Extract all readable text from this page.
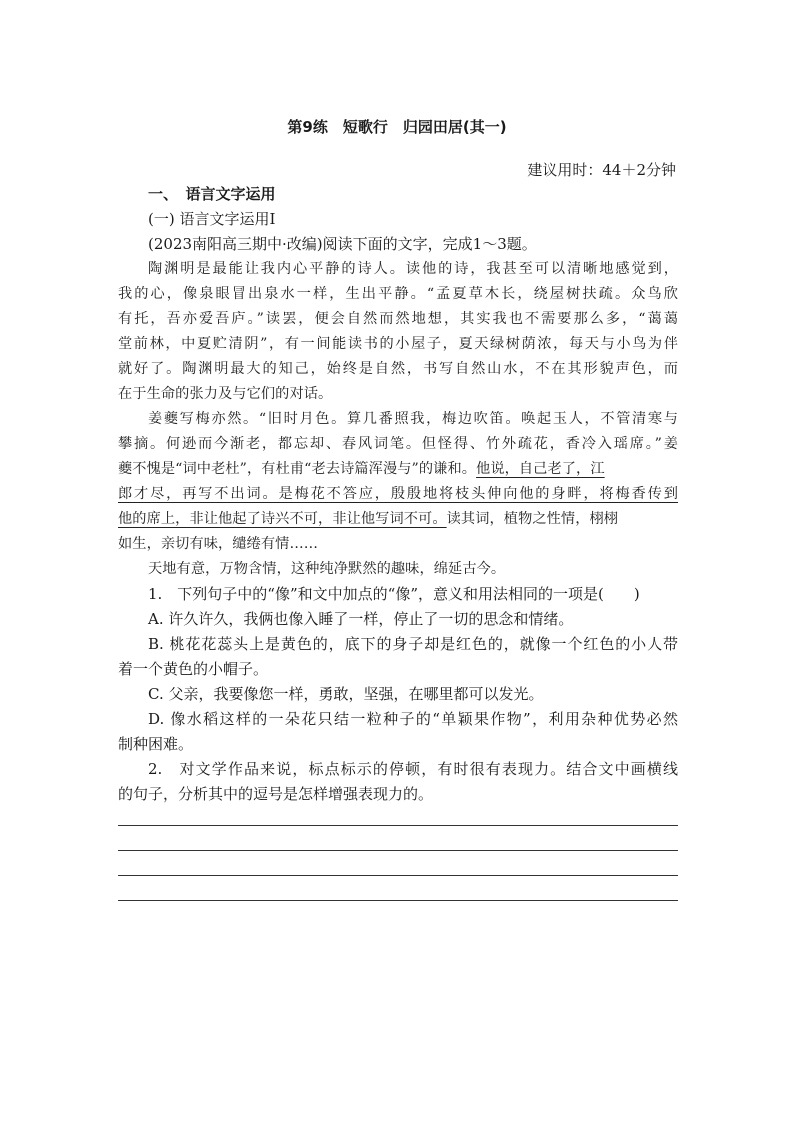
第9练　短歌行　归园田居(其一)
建议用时：44＋2分钟
一、　语言文字运用
(一) 语言文字运用Ⅰ
(2023南阳高三期中·改编)阅读下面的文字，完成1～3题。
陶渊明是最能让我内心平静的诗人。读他的诗，我甚至可以清晰地感觉到，
我的心，像泉眼冒出泉水一样，生出平静。“孟夏草木长，绕屋树扶疏。众鸟欣
有托，吾亦爱吾庐。”读罢，便会自然而然地想，其实我也不需要那么多，“蔼蔼
堂前林，中夏贮清阴”，有一间能读书的小屋子，夏天绿树荫浓，每天与小鸟为伴
就好了。陶渊明最大的知己，始终是自然，书写自然山水，不在其形貌声色，而
在于生命的张力及与它们的对话。
姜夔写梅亦然。“旧时月色。算几番照我，梅边吹笛。唤起玉人，不管清寒与
攀摘。何逊而今渐老，都忘却、春风词笔。但怪得、竹外疏花，香冷入瑶席。”姜
夔不愧是“词中老杜”，有杜甫“老去诗篇浑漫与”的谦和。他说，自己老了，江
郎才尽，再写不出词。是梅花不答应，殷殷地将枝头伸向他的身畔，将梅香传到
他的席上，非让他起了诗兴不可，非让他写词不可。读其词，植物之性情，栩栩
如生，亲切有味，缱绻有情……
天地有意，万物含情，这种纯净默然的趣味，绵延古今。
1.　下列句子中的“像”和文中加点的“像”，意义和用法相同的一项是(　　)
A. 许久许久，我俩也像入睡了一样，停止了一切的思念和情绪。
B. 桃花花蕊头上是黄色的，底下的身子却是红色的，就像一个红色的小人带
着一个黄色的小帽子。
C. 父亲，我要像您一样，勇敢，坚强，在哪里都可以发光。
D. 像水稻这样的一朵花只结一粒种子的“单颖果作物”，利用杂种优势必然
制种困难。
2.　对文学作品来说，标点标示的停顿，有时很有表现力。结合文中画横线
的句子，分析其中的逗号是怎样增强表现力的。
